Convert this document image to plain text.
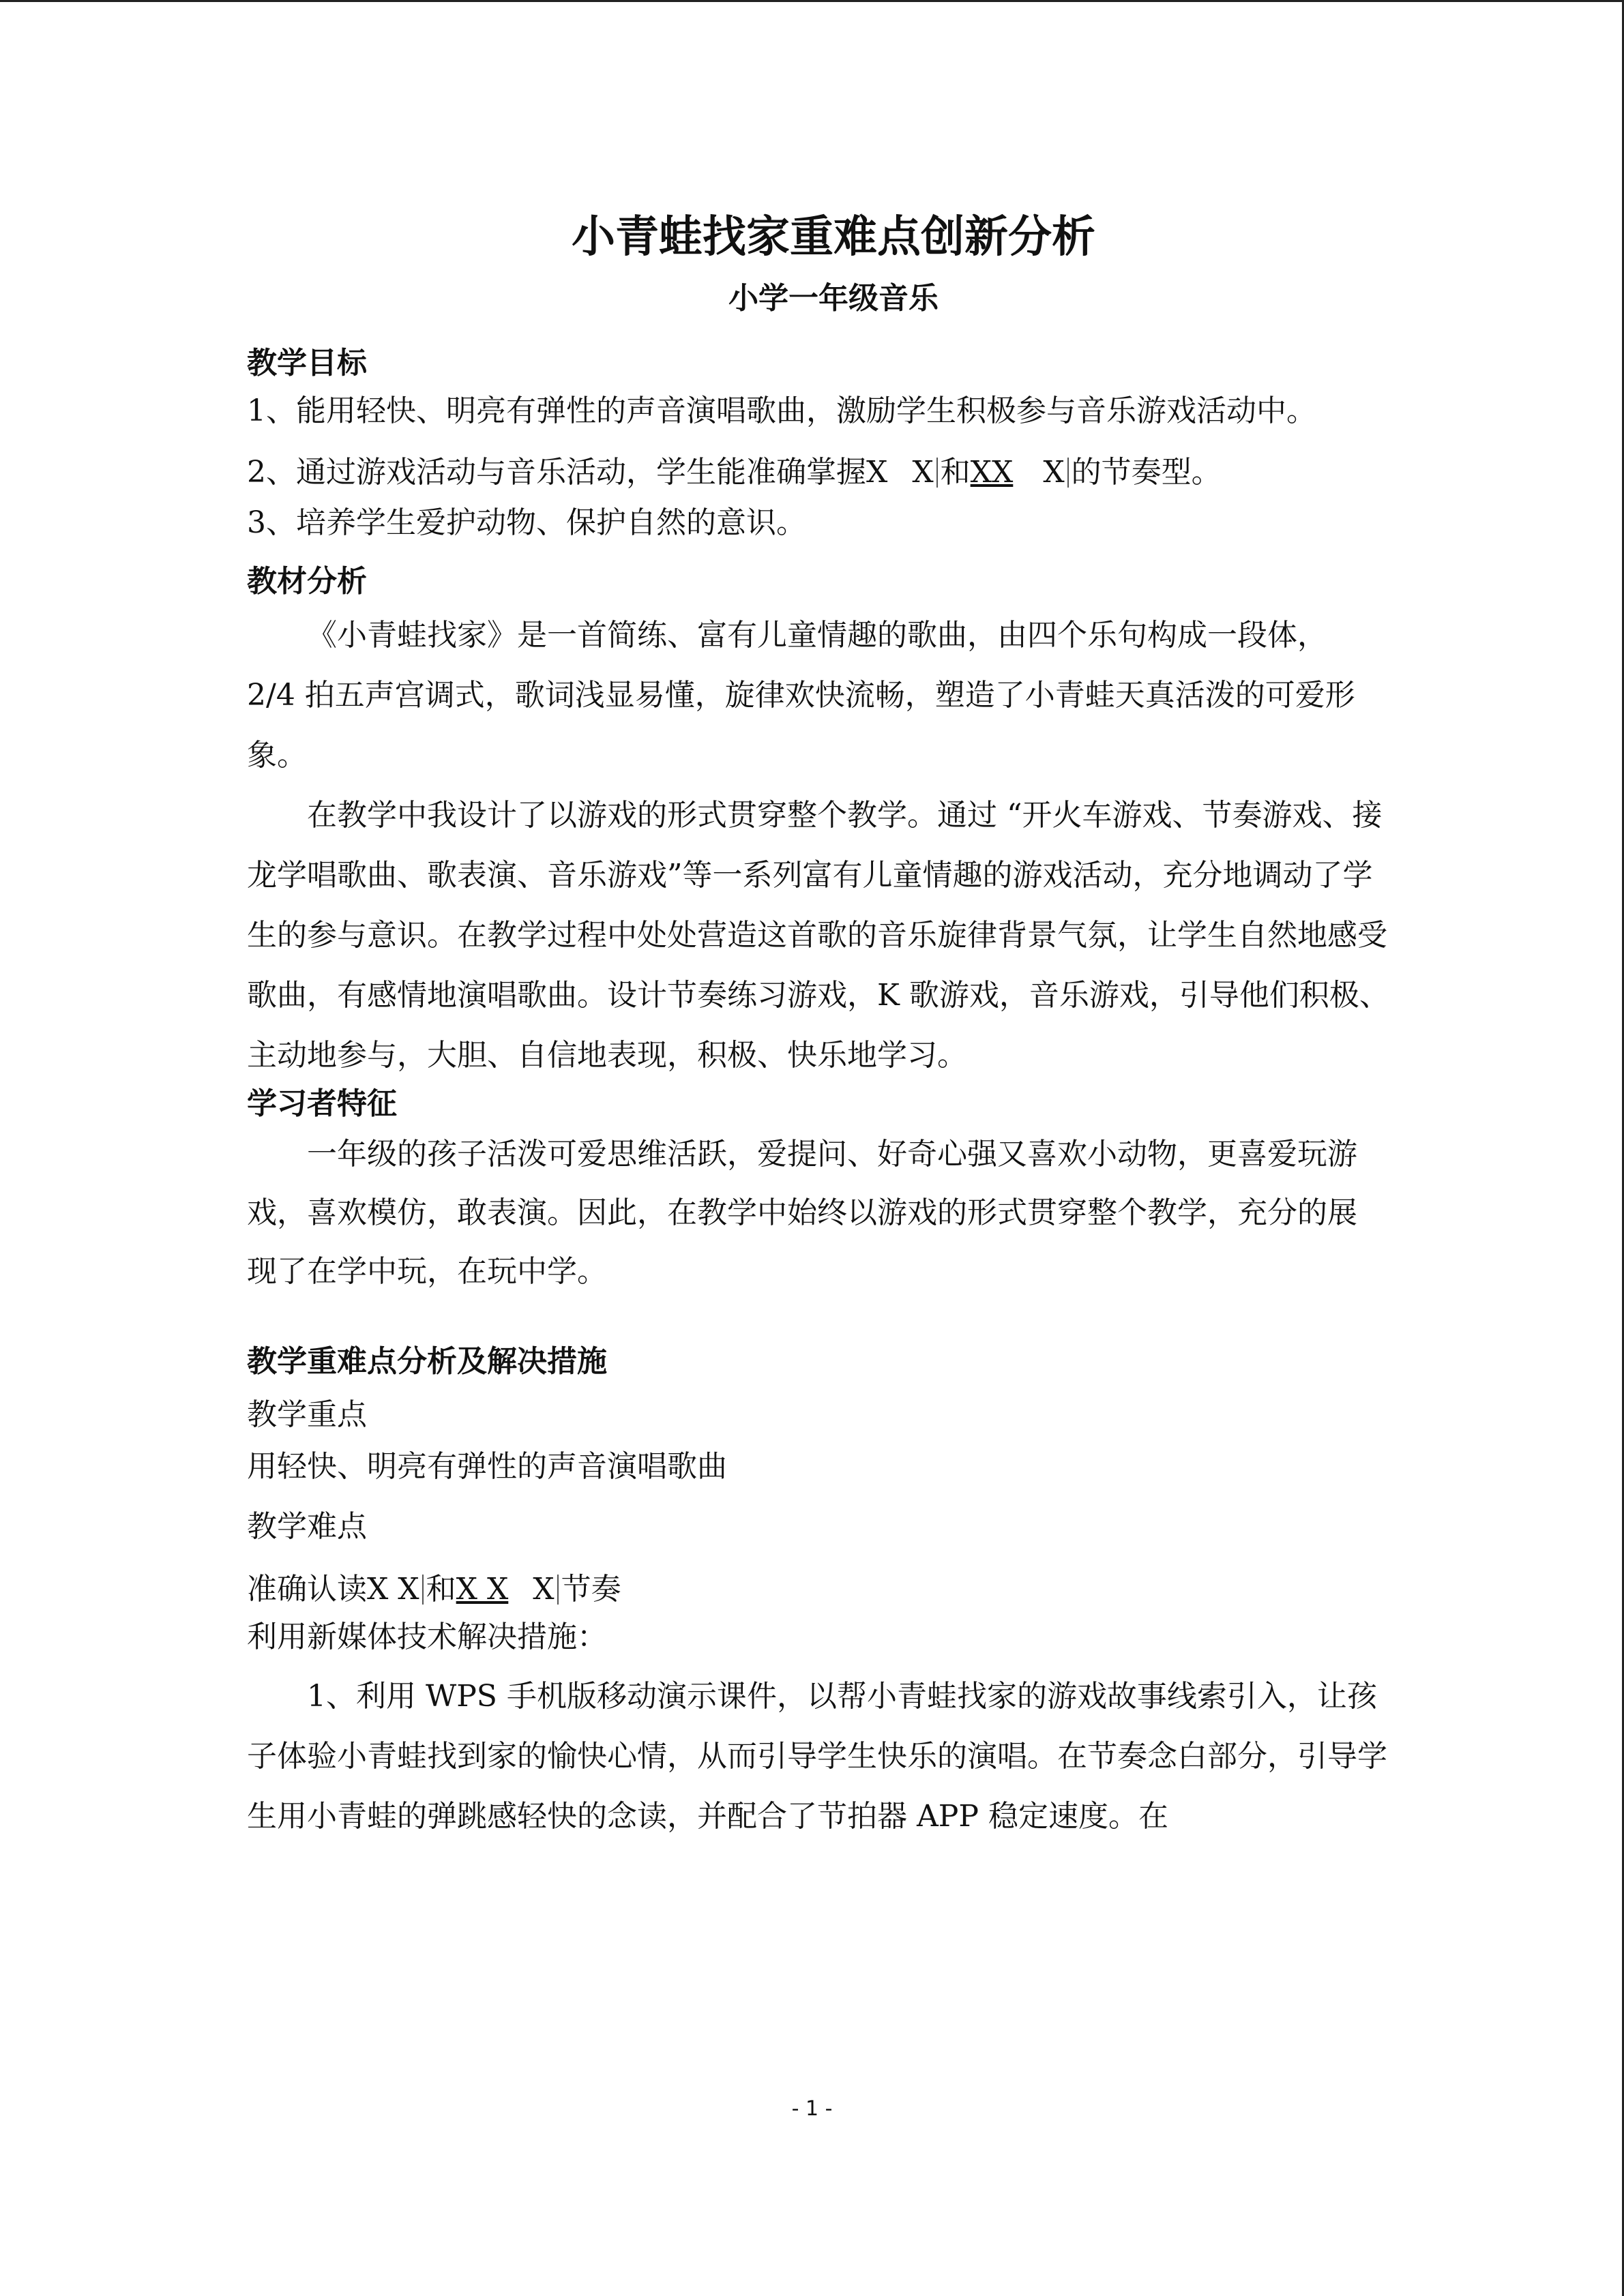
小青蛙找家重难点创新分析

小学一年级音乐

教学目标

1、能用轻快、明亮有弹性的声音演唱歌曲，激励学生积极参与音乐游戏活动中。

2、通过游戏活动与音乐活动，学生能准确掌握X X 和XX X 的节奏型。

3、培养学生爱护动物、保护自然的意识。

教材分析

《小青蛙找家》是一首简练、富有儿童情趣的歌曲，由四个乐句构成一段体，2/4 拍五声宫调式，歌词浅显易懂，旋律欢快流畅，塑造了小青蛙天真活泼的可爱形象。

在教学中我设计了以游戏的形式贯穿整个教学。通过 “开火车游戏、节奏游戏、接龙学唱歌曲、歌表演、音乐游戏”等一系列富有儿童情趣的游戏活动，充分地调动了学生的参与意识。在教学过程中处处营造这首歌的音乐旋律背景气氛，让学生自然地感受歌曲，有感情地演唱歌曲。设计节奏练习游戏，K 歌游戏，音乐游戏，引导他们积极、主动地参与，大胆、自信地表现，积极、快乐地学习。

学习者特征

一年级的孩子活泼可爱思维活跃，爱提问、好奇心强又喜欢小动物，更喜爱玩游戏，喜欢模仿，敢表演。因此，在教学中始终以游戏的形式贯穿整个教学，充分的展现了在学中玩，在玩中学。

教学重难点分析及解决措施

教学重点

用轻快、明亮有弹性的声音演唱歌曲

教学难点

准确认读X X 和X X X 节奏

利用新媒体技术解决措施：

1、利用 WPS 手机版移动演示课件，以帮小青蛙找家的游戏故事线索引入，让孩子体验小青蛙找到家的愉快心情，从而引导学生快乐的演唱。在节奏念白部分，引导学生用小青蛙的弹跳感轻快的念读，并配合了节拍器 APP 稳定速度。在

- 1 -
